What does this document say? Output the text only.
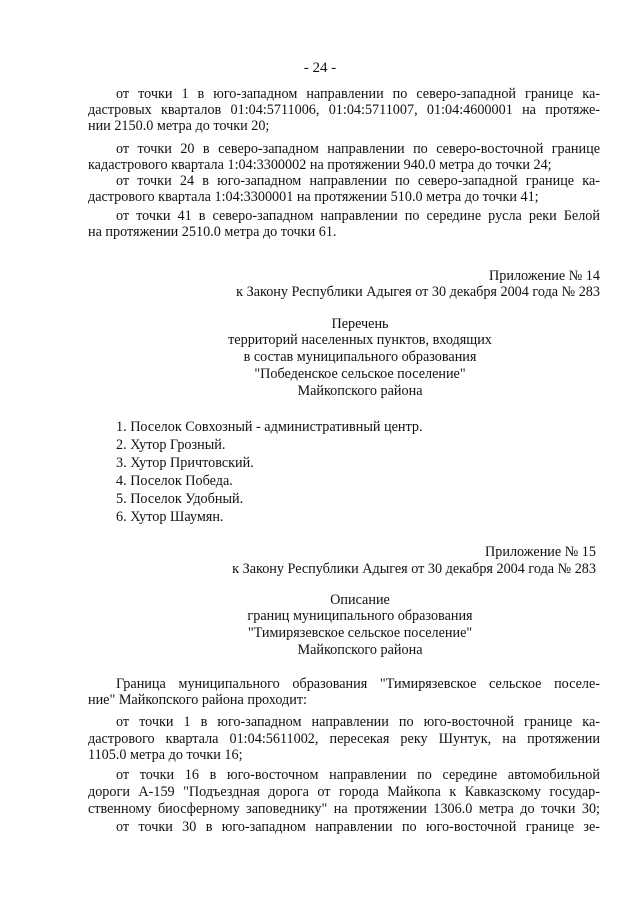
- 24 -
от точки 1 в юго-западном направлении по северо-западной границе ка-
дастровых кварталов 01:04:5711006, 01:04:5711007, 01:04:4600001 на протяже-
нии 2150.0 метра до точки 20;
от точки 20 в северо-западном направлении по северо-восточной границе
кадастрового квартала 1:04:3300002 на протяжении 940.0 метра до точки 24;
от точки 24 в юго-западном направлении по северо-западной границе ка-
дастрового квартала 1:04:3300001 на протяжении 510.0 метра до точки 41;
от точки 41 в северо-западном направлении по середине русла реки Белой
на протяжении 2510.0 метра до точки 61.
Приложение № 14
к Закону Республики Адыгея от 30 декабря 2004 года № 283
Перечень
территорий населенных пунктов, входящих
в состав муниципального образования
"Победенское сельское поселение"
Майкопского района
1. Поселок Совхозный - административный центр.
2. Хутор Грозный.
3. Хутор Причтовский.
4. Поселок Победа.
5. Поселок Удобный.
6. Хутор Шаумян.
Приложение № 15
к Закону Республики Адыгея от 30 декабря 2004 года № 283
Описание
границ муниципального образования
"Тимирязевское сельское поселение"
Майкопского района
Граница муниципального образования "Тимирязевское сельское поселе-
ние" Майкопского района проходит:
от точки 1 в юго-западном направлении по юго-восточной границе ка-
дастрового квартала 01:04:5611002, пересекая реку Шунтук, на протяжении
1105.0 метра до точки 16;
от точки 16 в юго-восточном направлении по середине автомобильной
дороги А-159 "Подъездная дорога от города Майкопа к Кавказскому государ-
ственному биосферному заповеднику" на протяжении 1306.0 метра до точки 30;
от точки 30 в юго-западном направлении по юго-восточной границе зе-
